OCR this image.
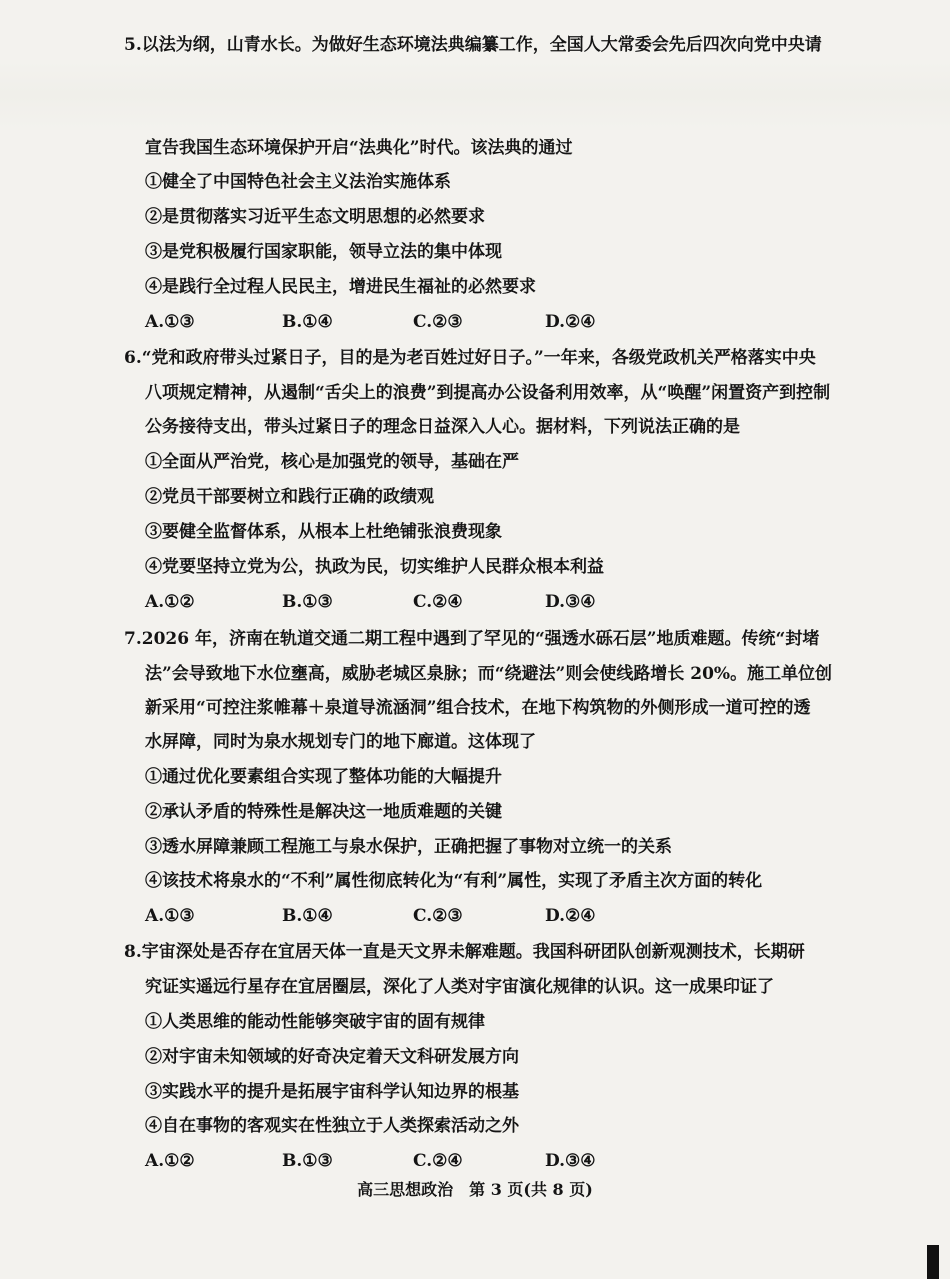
5.以法为纲，山青水长。为做好生态环境法典编纂工作，全国人大常委会先后四次向党中央请
宣告我国生态环境保护开启“法典化”时代。该法典的通过
①健全了中国特色社会主义法治实施体系
②是贯彻落实习近平生态文明思想的必然要求
③是党积极履行国家职能，领导立法的集中体现
④是践行全过程人民民主，增进民生福祉的必然要求
A.①③	B.①④	C.②③	D.②④
6.“党和政府带头过紧日子，目的是为老百姓过好日子。”一年来，各级党政机关严格落实中央
八项规定精神，从遏制“舌尖上的浪费”到提高办公设备利用效率，从“唤醒”闲置资产到控制
公务接待支出，带头过紧日子的理念日益深入人心。据材料，下列说法正确的是
①全面从严治党，核心是加强党的领导，基础在严
②党员干部要树立和践行正确的政绩观
③要健全监督体系，从根本上杜绝铺张浪费现象
④党要坚持立党为公，执政为民，切实维护人民群众根本利益
A.①②	B.①③	C.②④	D.③④
7.2026 年，济南在轨道交通二期工程中遇到了罕见的“强透水砾石层”地质难题。传统“封堵
法”会导致地下水位壅高，威胁老城区泉脉；而“绕避法”则会使线路增长 20%。施工单位创
新采用“可控注浆帷幕＋泉道导流涵洞”组合技术，在地下构筑物的外侧形成一道可控的透
水屏障，同时为泉水规划专门的地下廊道。这体现了
①通过优化要素组合实现了整体功能的大幅提升
②承认矛盾的特殊性是解决这一地质难题的关键
③透水屏障兼顾工程施工与泉水保护，正确把握了事物对立统一的关系
④该技术将泉水的“不利”属性彻底转化为“有利”属性，实现了矛盾主次方面的转化
A.①③	B.①④	C.②③	D.②④
8.宇宙深处是否存在宜居天体一直是天文界未解难题。我国科研团队创新观测技术，长期研
究证实遥远行星存在宜居圈层，深化了人类对宇宙演化规律的认识。这一成果印证了
①人类思维的能动性能够突破宇宙的固有规律
②对宇宙未知领域的好奇决定着天文科研发展方向
③实践水平的提升是拓展宇宙科学认知边界的根基
④自在事物的客观实在性独立于人类探索活动之外
A.①②	B.①③	C.②④	D.③④
高三思想政治　第 3 页(共 8 页)
